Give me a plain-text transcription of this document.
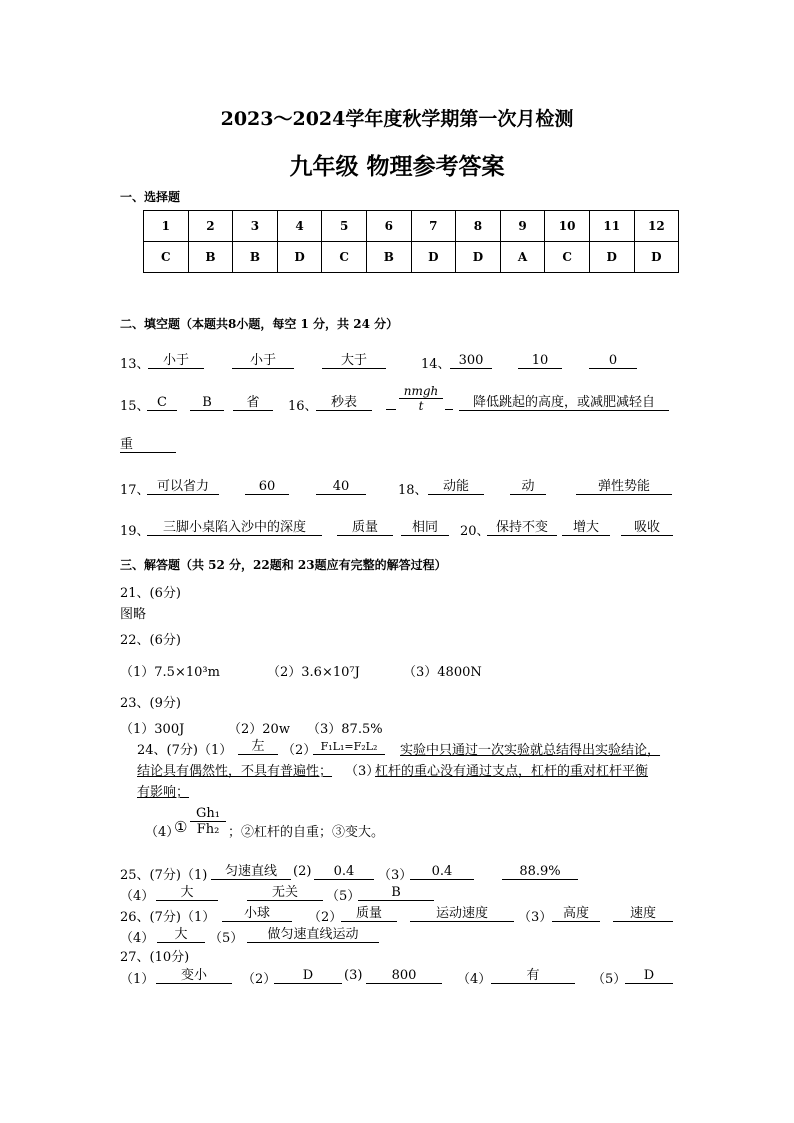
2023～2024学年度秋学期第一次月检测
九年级 物理参考答案
一、选择题
1	2	3	4	5	6	7	8	9	10	11	12
C	B	B	D	C	B	D	D	A	C	D	D
二、填空题（本题共8小题，每空 1 分，共 24 分）
13、	小于	小于	大于	14、 300	10	0
15、 C	B	省	16、	秒表
nmgh
t	降低跳起的高度，或减肥减轻自
重
17、 可以省力	60	40	18、	动能	动	弹性势能
19、	三脚小桌陷入沙中的深度	质量	相同	20、 保持不变	增大	吸收
三、解答题（共 52 分，22题和 23题应有完整的解答过程）
21、(6分)
图略
22、(6分)
（1）7.5×10³m	（2）3.6×10⁷J	（3）4800N
23、(9分)
（1）300J	（2）20w （3）87.5%
24、(7分)（1）	左	（2） F₁L₁=F₂L₂	实验中只通过一次实验就总结得出实验结论，
结论具有偶然性，不具有普遍性； （3）
杠杆的重心没有通过支点，杠杆的重对杠杆平衡
有影响；
（4）
① $\frac{\text{Gh₁}}{\text{Fh₂}}$ ；②杠杆的自重；③变大。
25、(7分)（1)	匀速直线	(2)	0.4	（3）	0.4	88.9%
（4）	大	无关	（5）	B
26、(7分)（1）	小球	（2）	质量	运动速度	（3） 高度	速度
（4）	大	（5）	做匀速直线运动
27、(10分)
（1）	变小	（2）	D	(3)	800	（4）	有	（5）	D
